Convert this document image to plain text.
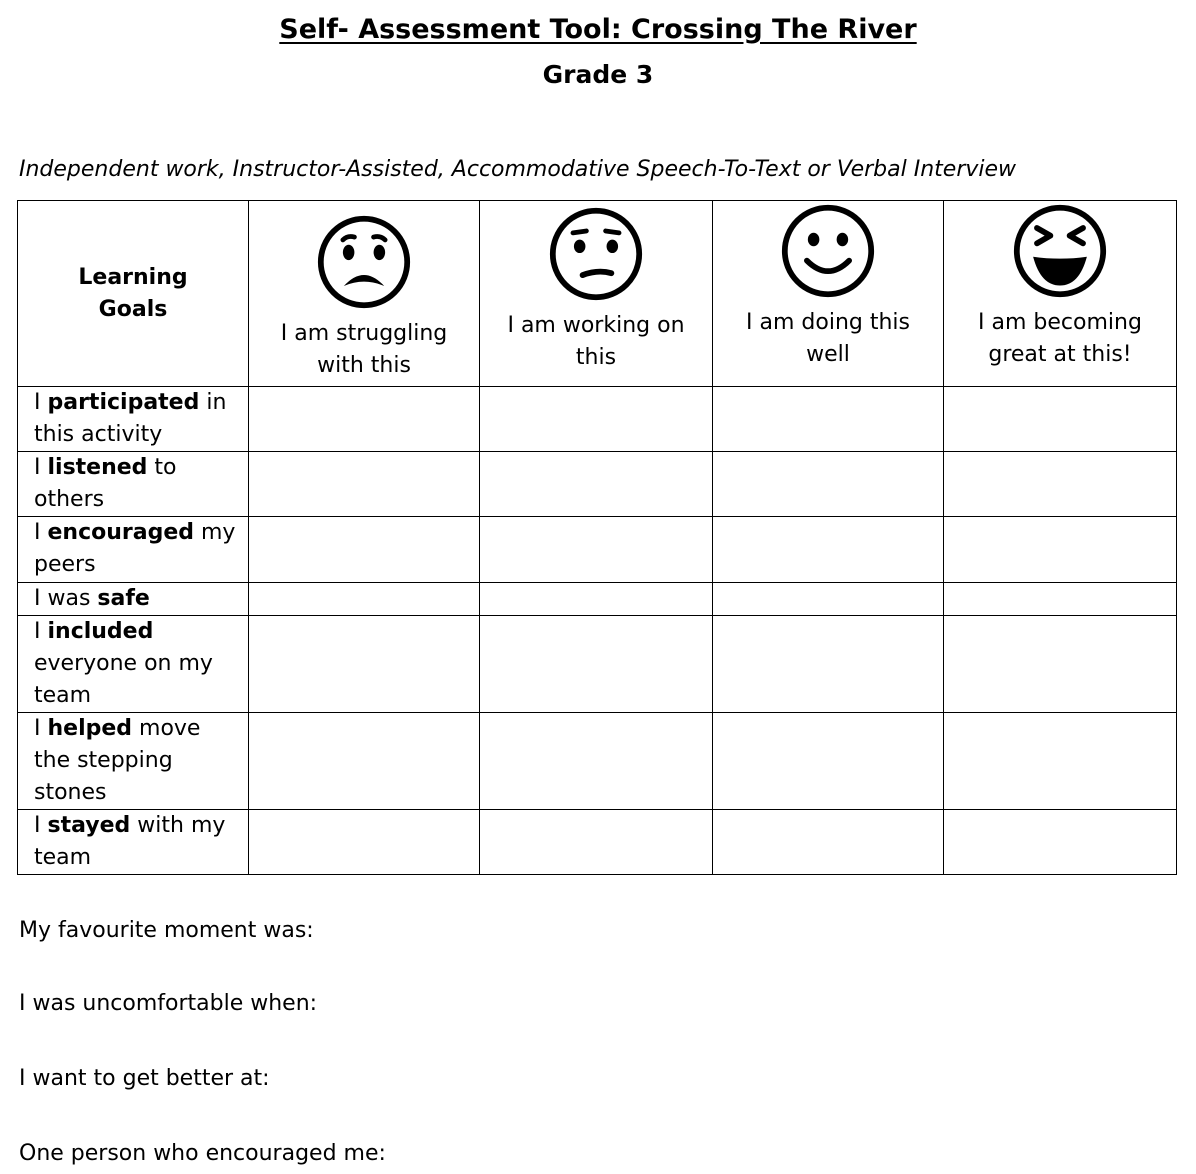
Self- Assessment Tool: Crossing The River
Grade 3
Independent work, Instructor-Assisted, Accommodative Speech-To-Text or Verbal Interview
Learning Goals	I am struggling with this	I am working on this	I am doing this well	I am becoming great at this!

I participated in this activity				
I listened to others				
I encouraged my peers				
I was safe				
I included everyone on my team				
I helped move the stepping stones				
I stayed with my team				
My favourite moment was:
I was uncomfortable when:
I want to get better at:
One person who encouraged me:
